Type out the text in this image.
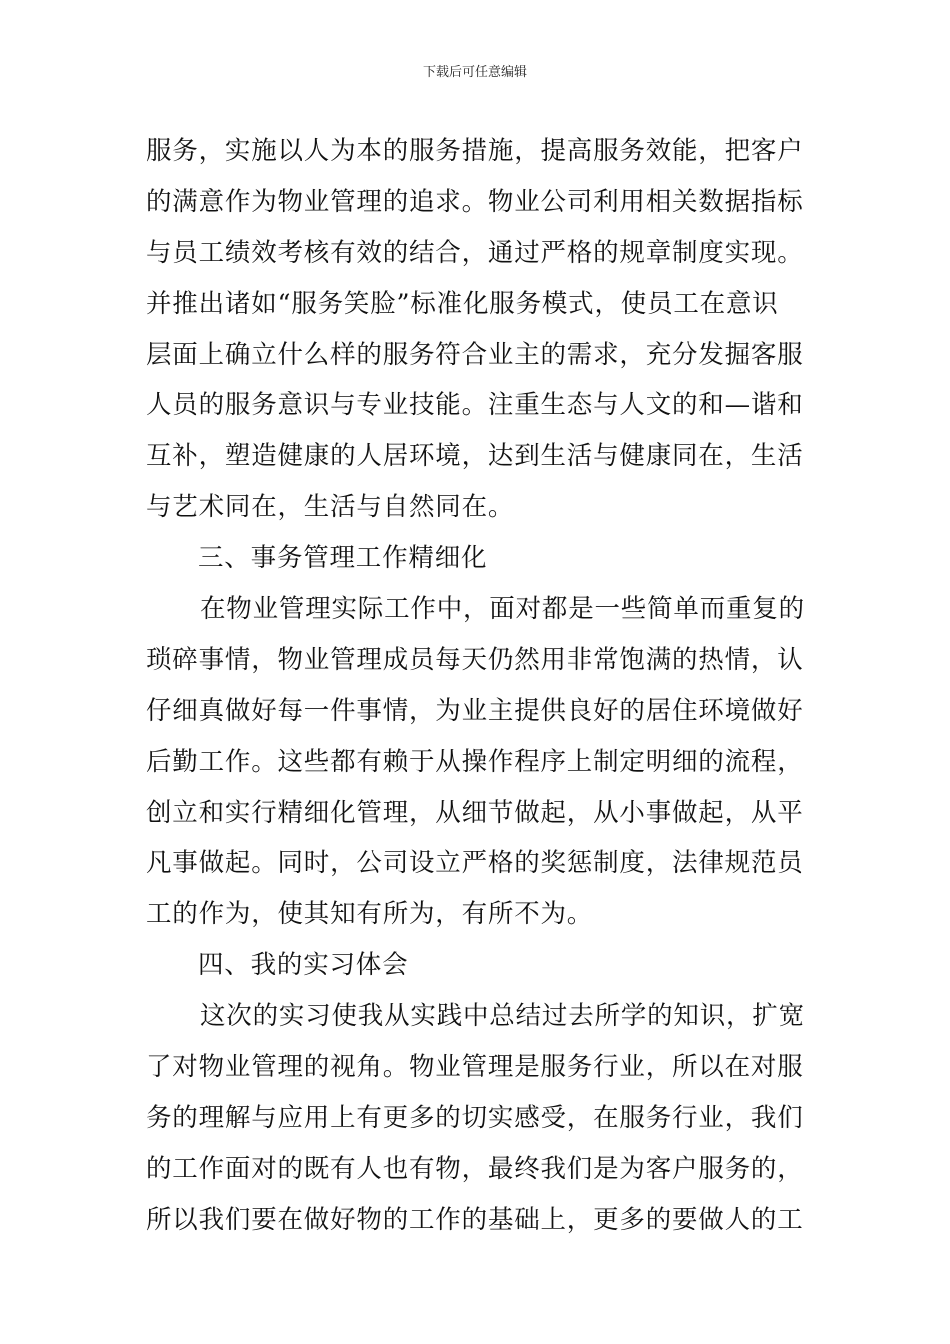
下载后可任意编辑
服务，实施以人为本的服务措施，提高服务效能，把客户
的满意作为物业管理的追求。物业公司利用相关数据指标
与员工绩效考核有效的结合，通过严格的规章制度实现。
并推出诸如“服务笑脸”标准化服务模式，使员工在意识
层面上确立什么样的服务符合业主的需求，充分发掘客服
人员的服务意识与专业技能。注重生态与人文的和—谐和
互补，塑造健康的人居环境，达到生活与健康同在，生活
与艺术同在，生活与自然同在。
三、事务管理工作精细化
在物业管理实际工作中，面对都是一些简单而重复的
琐碎事情，物业管理成员每天仍然用非常饱满的热情，认
仔细真做好每一件事情，为业主提供良好的居住环境做好
后勤工作。这些都有赖于从操作程序上制定明细的流程，
创立和实行精细化管理，从细节做起，从小事做起，从平
凡事做起。同时，公司设立严格的奖惩制度，法律规范员
工的作为，使其知有所为，有所不为。
四、我的实习体会
这次的实习使我从实践中总结过去所学的知识，扩宽
了对物业管理的视角。物业管理是服务行业，所以在对服
务的理解与应用上有更多的切实感受，在服务行业，我们
的工作面对的既有人也有物，最终我们是为客户服务的，
所以我们要在做好物的工作的基础上，更多的要做人的工
